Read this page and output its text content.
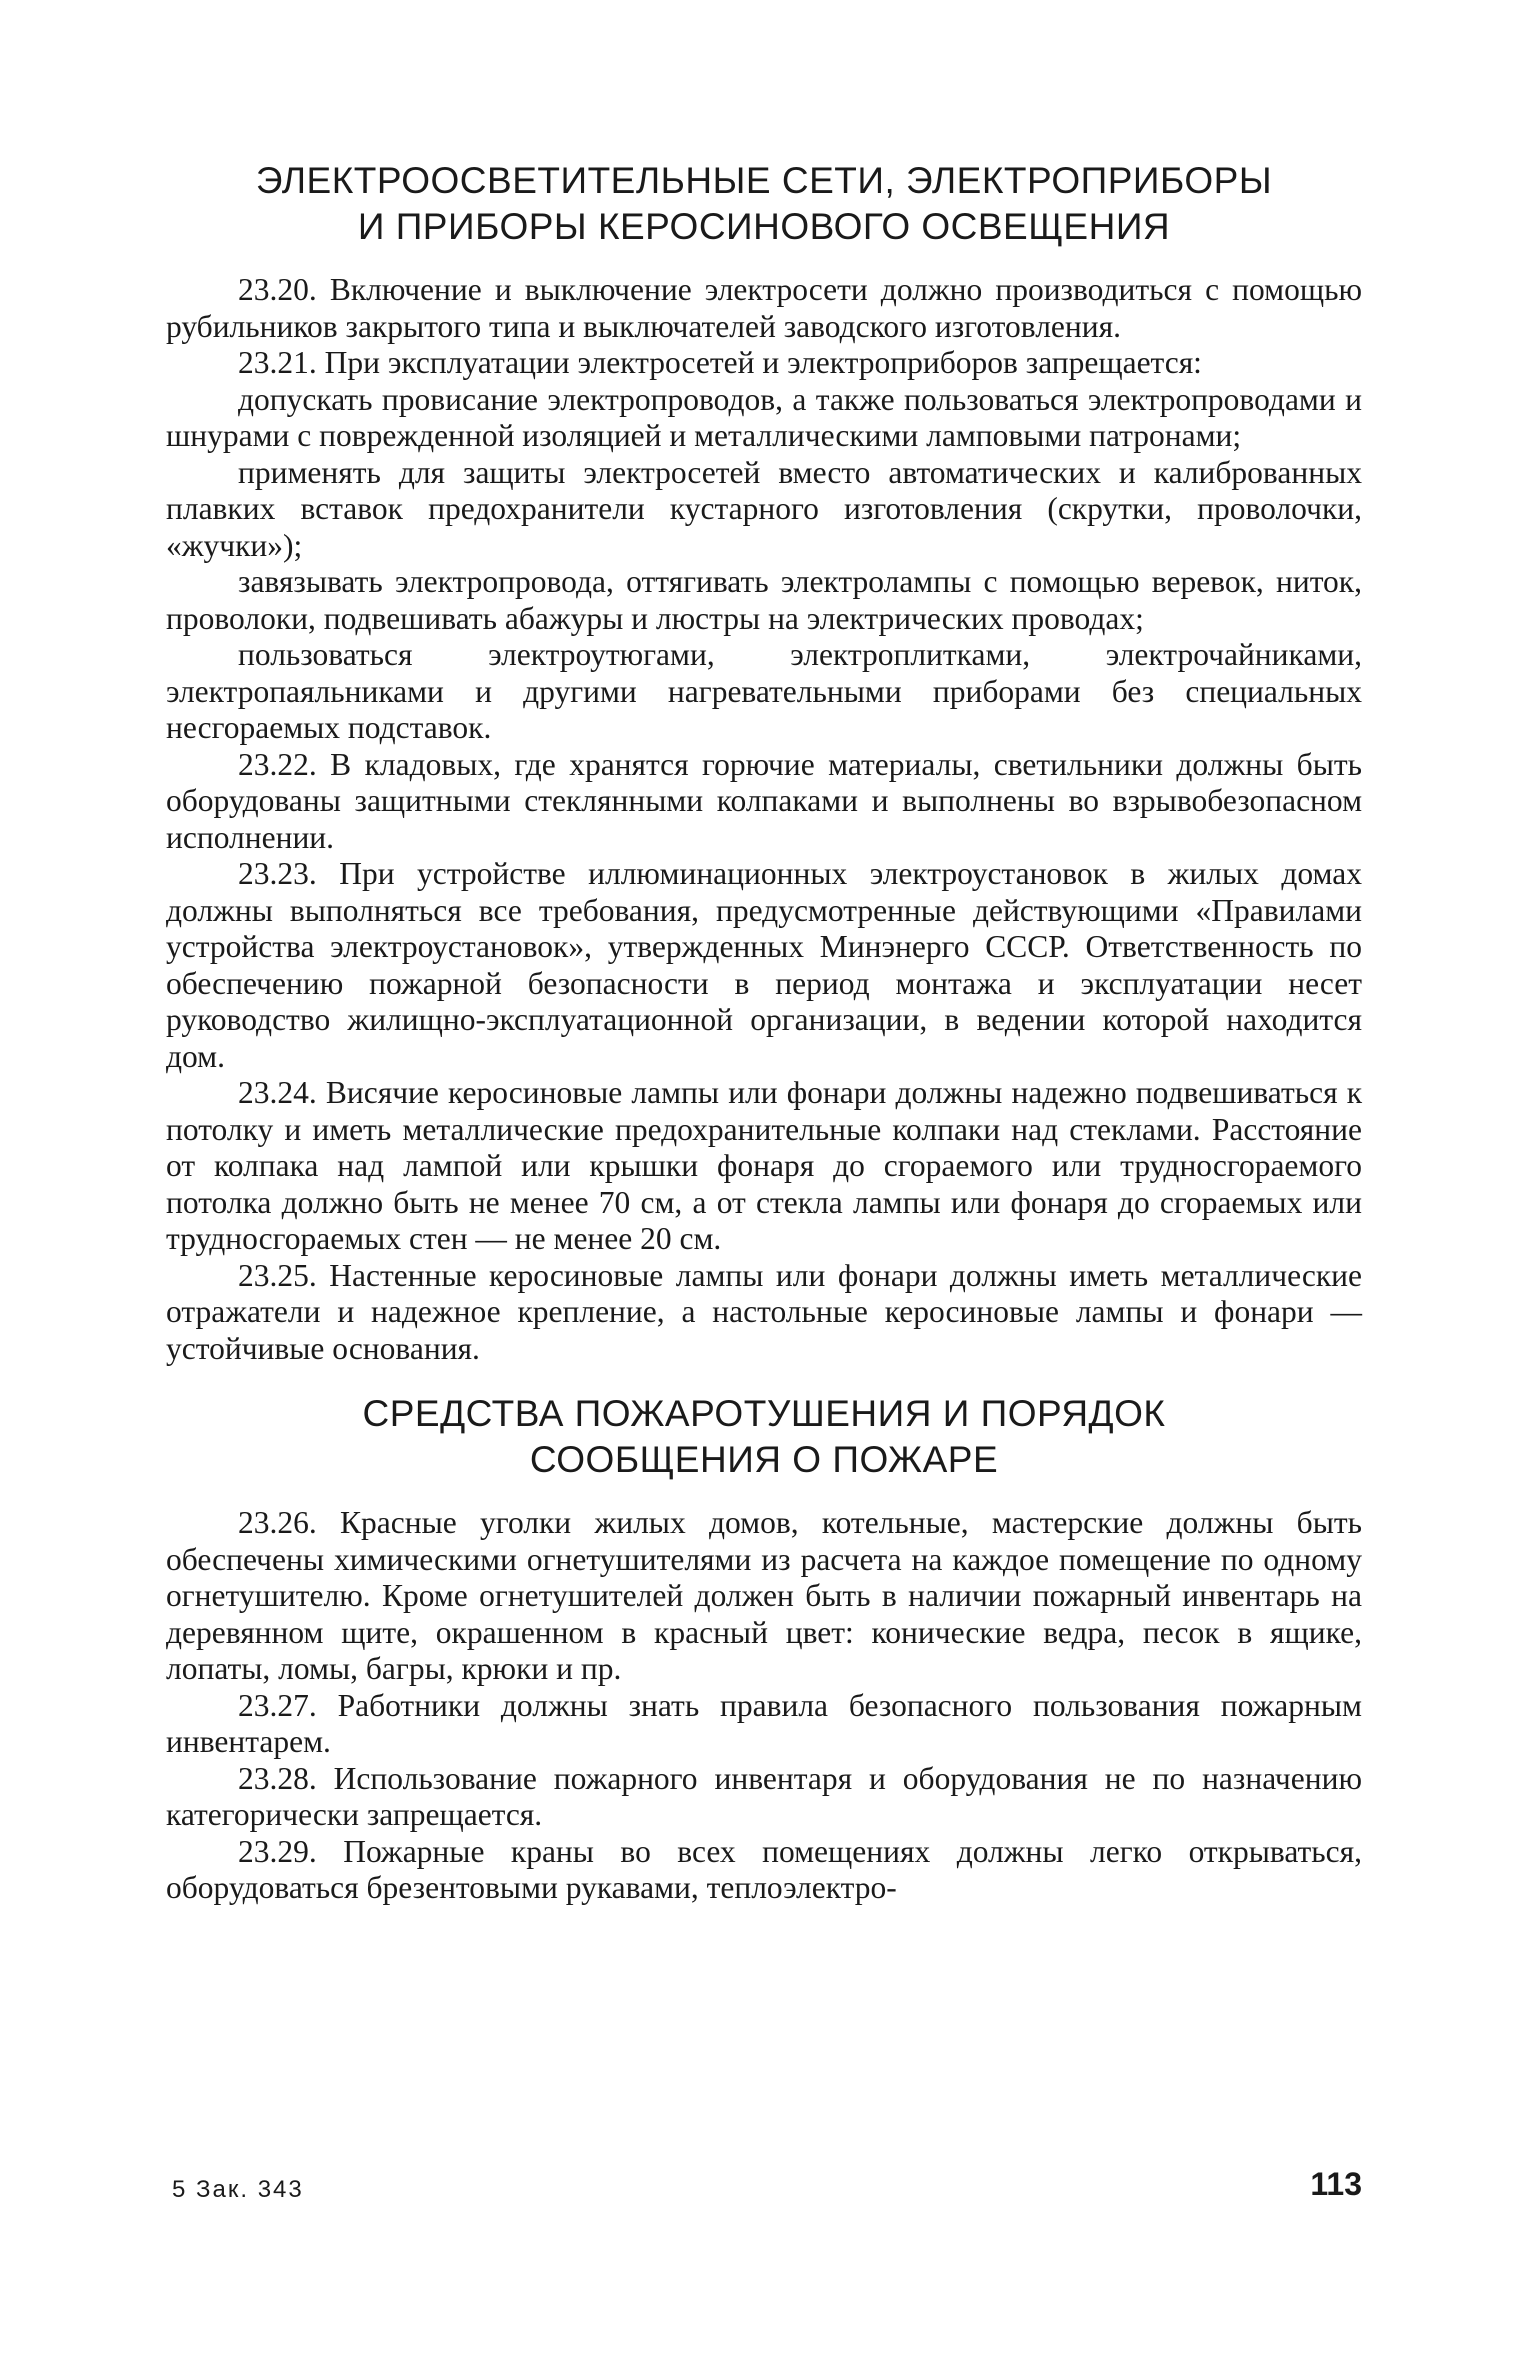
ЭЛЕКТРООСВЕТИТЕЛЬНЫЕ СЕТИ, ЭЛЕКТРОПРИБОРЫ
И ПРИБОРЫ КЕРОСИНОВОГО ОСВЕЩЕНИЯ

23.20. Включение и выключение электросети должно производиться с помощью рубильников закрытого типа и выключателей заводского изготовления.

23.21. При эксплуатации электросетей и электроприборов запрещается:

допускать провисание электропроводов, а также пользоваться электропроводами и шнурами с поврежденной изоляцией и металлическими ламповыми патронами;

применять для защиты электросетей вместо автоматических и калиброванных плавких вставок предохранители кустарного изготовления (скрутки, проволочки, «жучки»);

завязывать электропровода, оттягивать электролампы с помощью веревок, ниток, проволоки, подвешивать абажуры и люстры на электрических проводах;

пользоваться электроутюгами, электроплитками, электрочайниками, электропаяльниками и другими нагревательными приборами без специальных несгораемых подставок.

23.22. В кладовых, где хранятся горючие материалы, светильники должны быть оборудованы защитными стеклянными колпаками и выполнены во взрывобезопасном исполнении.

23.23. При устройстве иллюминационных электроустановок в жилых домах должны выполняться все требования, предусмотренные действующими «Правилами устройства электроустановок», утвержденных Минэнерго СССР. Ответственность по обеспечению пожарной безопасности в период монтажа и эксплуатации несет руководство жилищно-эксплуатационной организации, в ведении которой находится дом.

23.24. Висячие керосиновые лампы или фонари должны надежно подвешиваться к потолку и иметь металлические предохранительные колпаки над стеклами. Расстояние от колпака над лампой или крышки фонаря до сгораемого или трудносгораемого потолка должно быть не менее 70 см, а от стекла лампы или фонаря до сгораемых или трудносгораемых стен — не менее 20 см.

23.25. Настенные керосиновые лампы или фонари должны иметь металлические отражатели и надежное крепление, а настольные керосиновые лампы и фонари — устойчивые основания.

СРЕДСТВА ПОЖАРОТУШЕНИЯ И ПОРЯДОК
СООБЩЕНИЯ О ПОЖАРЕ

23.26. Красные уголки жилых домов, котельные, мастерские должны быть обеспечены химическими огнетушителями из расчета на каждое помещение по одному огнетушителю. Кроме огнетушителей должен быть в наличии пожарный инвентарь на деревянном щите, окрашенном в красный цвет: конические ведра, песок в ящике, лопаты, ломы, багры, крюки и пр.

23.27. Работники должны знать правила безопасного пользования пожарным инвентарем.

23.28. Использование пожарного инвентаря и оборудования не по назначению категорически запрещается.

23.29. Пожарные краны во всех помещениях должны легко открываться, оборудоваться брезентовыми рукавами, теплоэлектро-

5 Зак. 343	113
